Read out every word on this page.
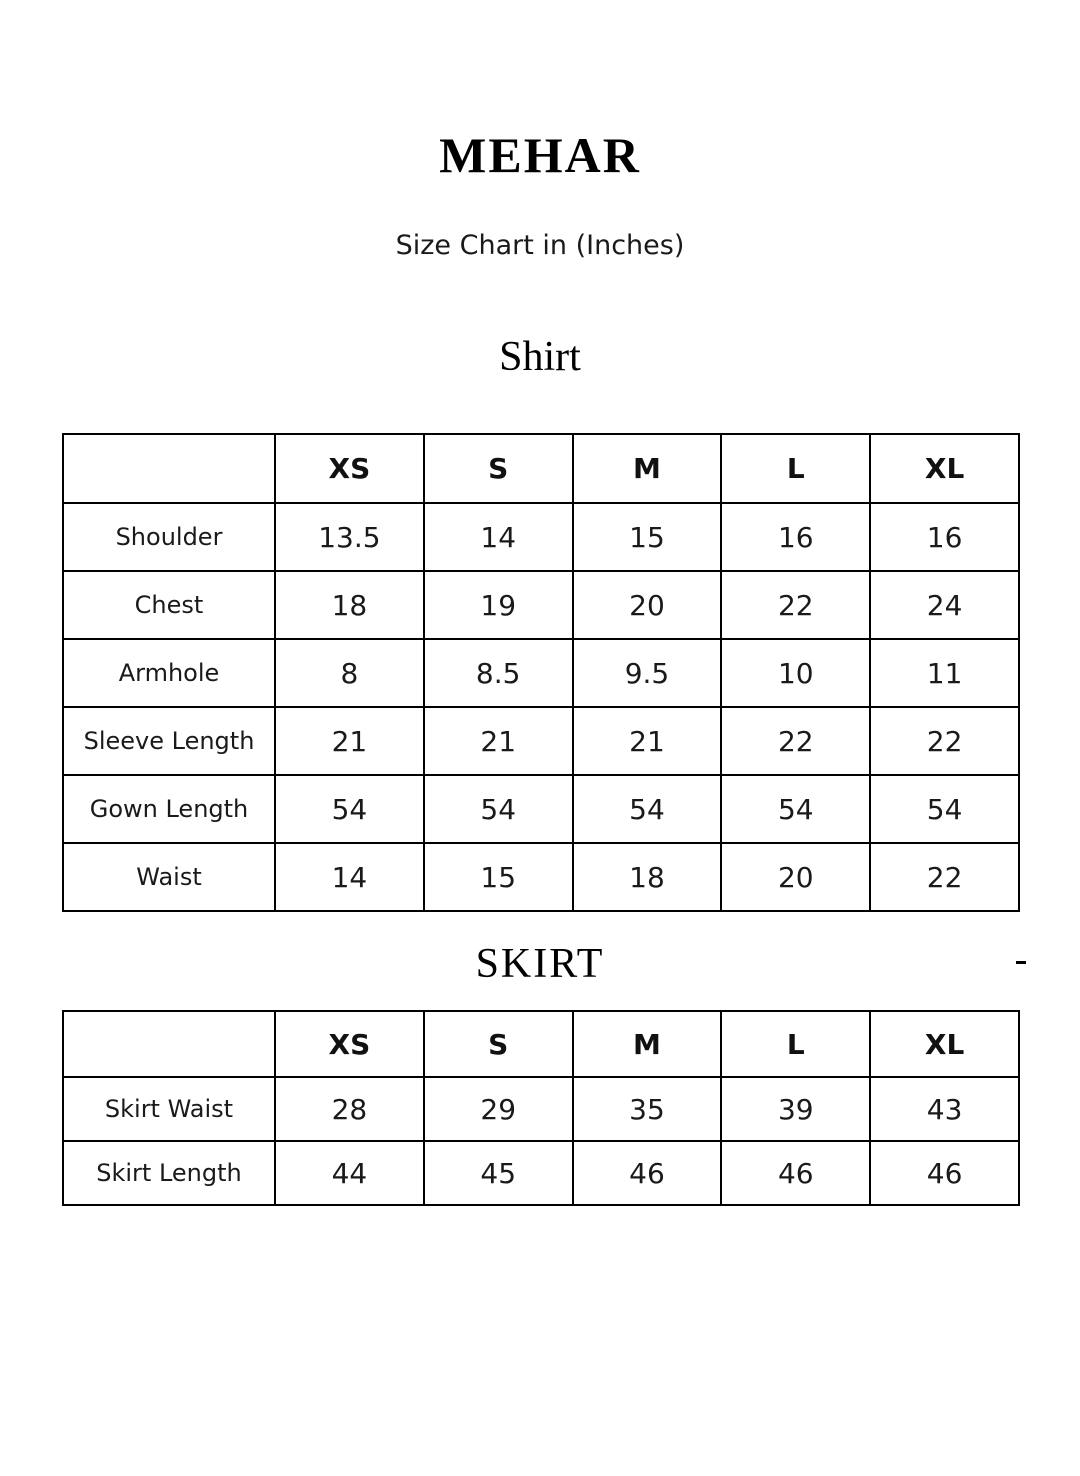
MEHAR

Size Chart in (Inches)

Shirt
	XS	S	M	L	XL
Shoulder	13.5	14	15	16	16
Chest	18	19	20	22	24
Armhole	8	8.5	9.5	10	11
Sleeve Length	21	21	21	22	22
Gown Length	54	54	54	54	54
Waist	14	15	18	20	22
SKIRT
	XS	S	M	L	XL
Skirt Waist	28	29	35	39	43
Skirt Length	44	45	46	46	46
